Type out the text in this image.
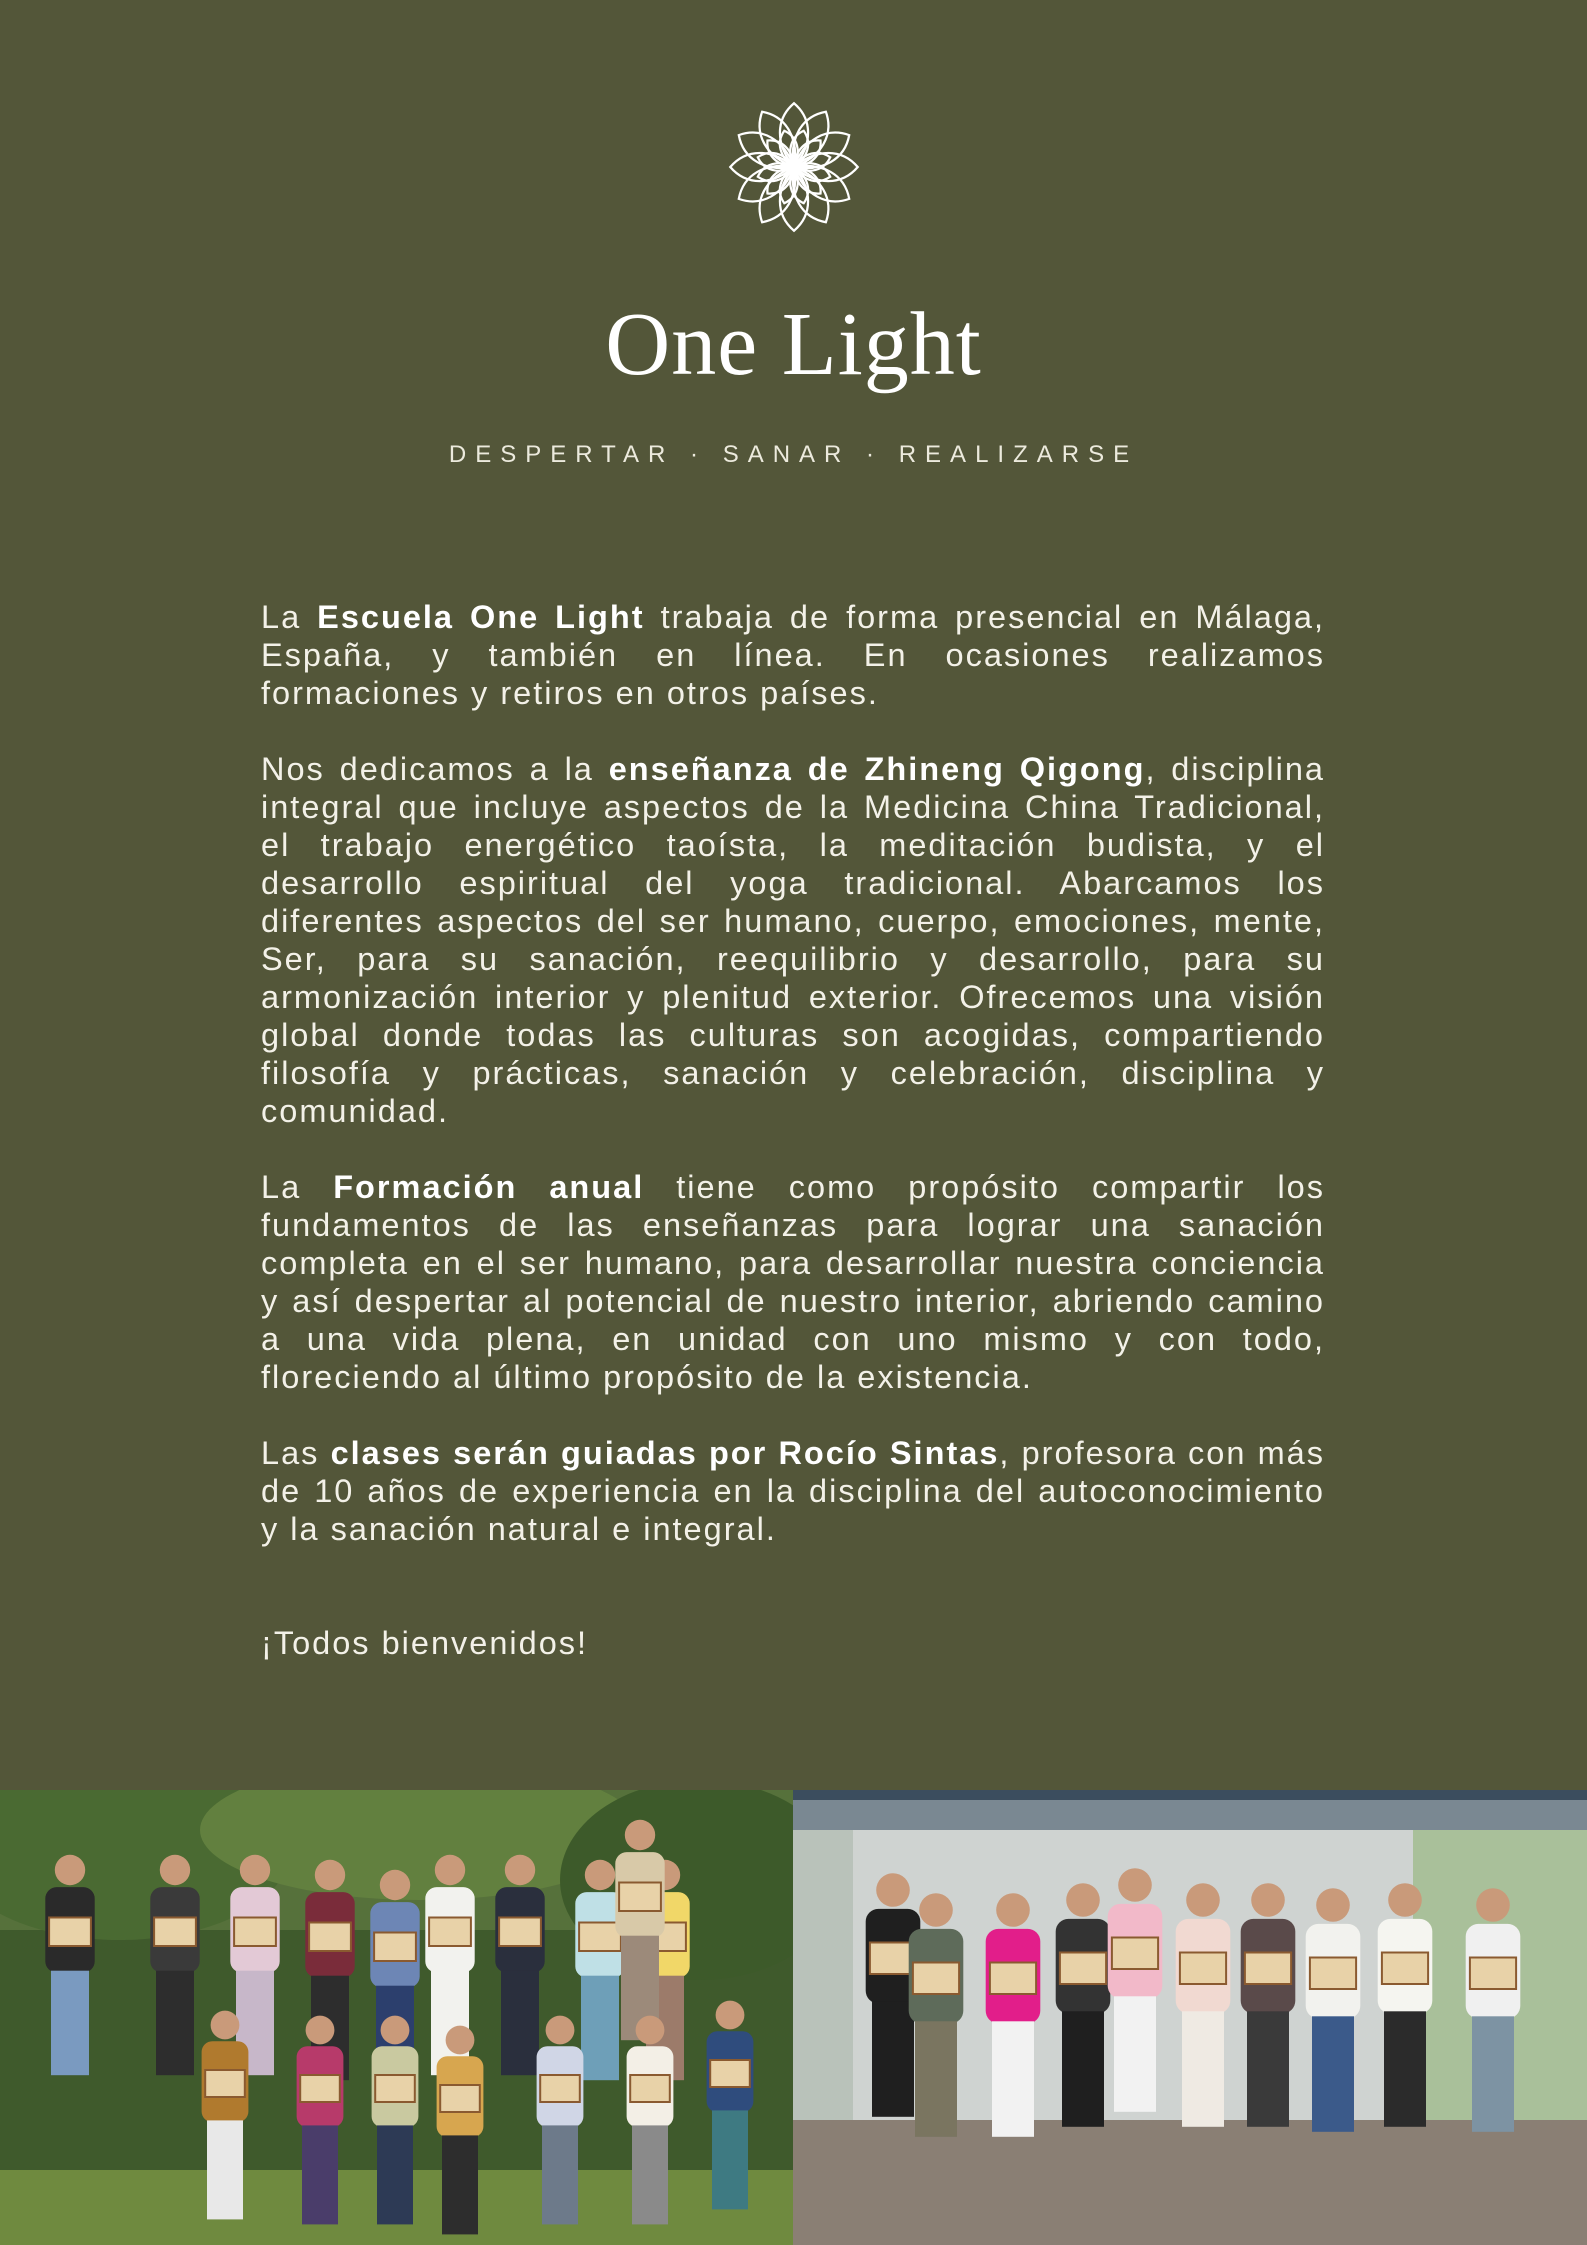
One Light
DESPERTAR · SANAR · REALIZARSE

La Escuela One Light trabaja de forma presencial en Málaga, España, y también en línea. En ocasiones realizamos formaciones y retiros en otros países.

Nos dedicamos a la enseñanza de Zhineng Qigong, disciplina integral que incluye aspectos de la Medicina China Tradicional, el trabajo energético taoísta, la meditación budista, y el desarrollo espiritual del yoga tradicional. Abarcamos los diferentes aspectos del ser humano, cuerpo, emociones, mente, Ser, para su sanación, reequilibrio y desarrollo, para su armonización interior y plenitud exterior. Ofrecemos una visión global donde todas las culturas son acogidas, compartiendo filosofía y prácticas, sanación y celebración, disciplina y comunidad.

La Formación anual tiene como propósito compartir los fundamentos de las enseñanzas para lograr una sanación completa en el ser humano, para desarrollar nuestra conciencia y así despertar al potencial de nuestro interior, abriendo camino a una vida plena, en unidad con uno mismo y con todo, floreciendo al último propósito de la existencia.

Las clases serán guiadas por Rocío Sintas, profesora con más de 10 años de experiencia en la disciplina del autoconocimiento y la sanación natural e integral.

¡Todos bienvenidos!
